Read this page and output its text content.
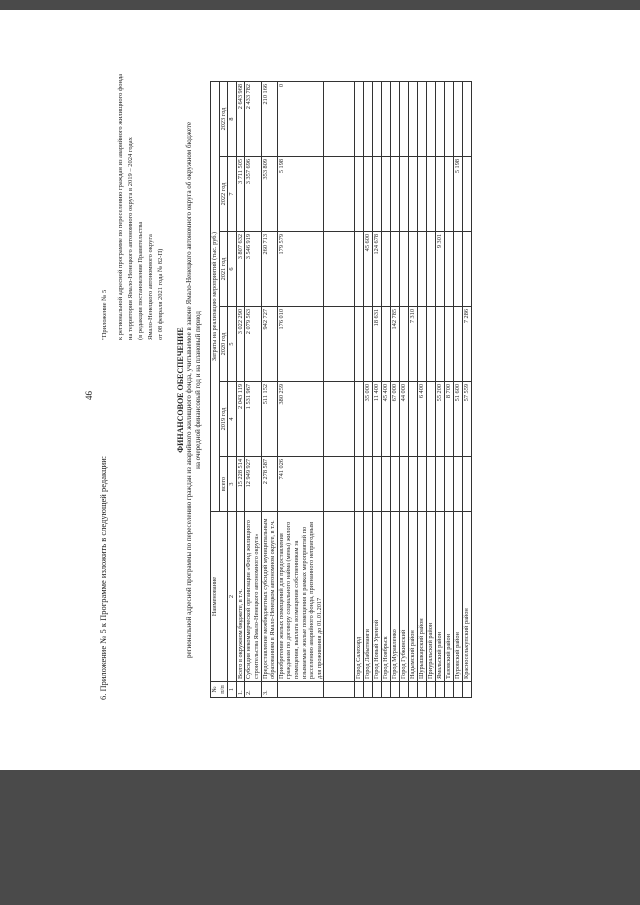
46
6. Приложение № 5 к Программе изложить в следующей редакции:
"Приложение № 5	к региональной адресной программе по переселению граждан из аварийного жилищного фонда на территории Ямало-Ненецкого автономного округа в 2019 – 2024 годах (в редакции постановления Правительства Ямало-Ненецкого автономного округа от 08 февраля 2021 года № 82-П)
ФИНАНСОВОЕ ОБЕСПЕЧЕНИЕ региональной адресной программы по переселению граждан из аварийного жилищного фонда, учитываемое в законе Ямало-Ненецкого автономного округа об окружном бюджете на очередной финансовый год и на плановый период
№ п/п	Наименование	Затраты на реализацию мероприятий (тыс. руб.)					
		всего	2019 год	2020 год	2021 год	2022 год	2023 год
1	2	3	4	5	6	7	8
1.	Всего в окружном бюджете, в т.ч.	15 228 514	2 043 119	3 022 290	3 807 632	3 711 505	2 643 968
2.	Субсидия некоммерческой организации «Фонд жилищного строительства Ямало-Ненецкого автономного округа»	12 949 927	1 531 967	2 079 563	3 546 919	3 357 696	2 433 782
3.	Предоставление межбюджетных субсидий муниципальным образованиям в Ямало-Ненецком автономном округе, в т.ч.	2 278 587	511 152	942 727	260 713	353 809	210 166
	Приобретение жилых помещений для предоставления гражданам по договору социального найма (мены) жилого помещения, выплата возмещения собственникам за изымаемые жилые помещения в рамках мероприятий по расселению аварийного фонда, признанного непригодным для проживания до 01.01.2017	741 026	380 259	176 010	179 579	5 198	0

	Город Салехард						
	Город Лабытнанги		35 000		45 600		
	Город Новый Уренгой		11 400	18 631	124 678		
	Город Ноябрьск		45 400				
	Город Муравленко		67 000	142 785			
	Город Губкинский		44 000				
	Надымский район			7 310			
	Шурышкарский район		6 400				
	Приуральский район						
	Ямальский район		55 200		9 301		
	Тазовский район		8 700				
	Пуровский район		51 600			5 198	
	Красноселькупский район		57 559	7 286			
